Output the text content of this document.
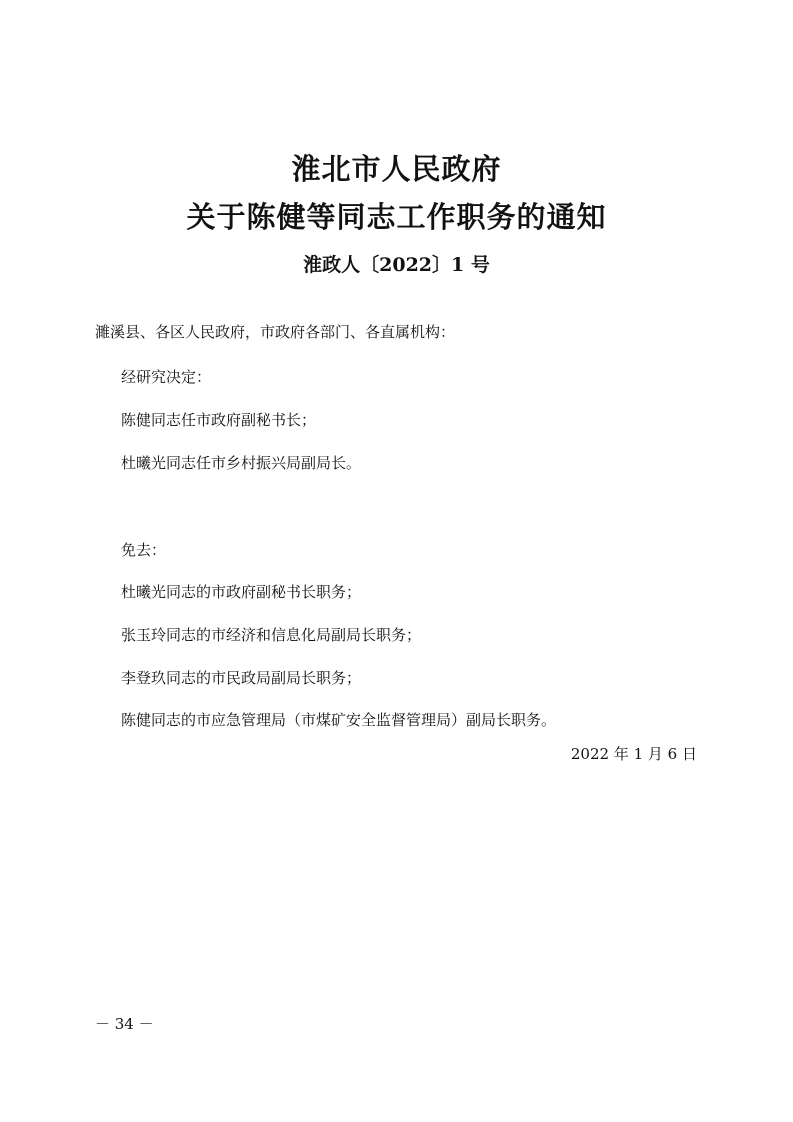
淮北市人民政府
关于陈健等同志工作职务的通知
淮政人〔2022〕1 号
濉溪县、各区人民政府，市政府各部门、各直属机构：
经研究决定：
陈健同志任市政府副秘书长；
杜曦光同志任市乡村振兴局副局长。
免去：
杜曦光同志的市政府副秘书长职务；
张玉玲同志的市经济和信息化局副局长职务；
李登玖同志的市民政局副局长职务；
陈健同志的市应急管理局（市煤矿安全监督管理局）副局长职务。
2022 年 1 月 6 日
－ 34 －
